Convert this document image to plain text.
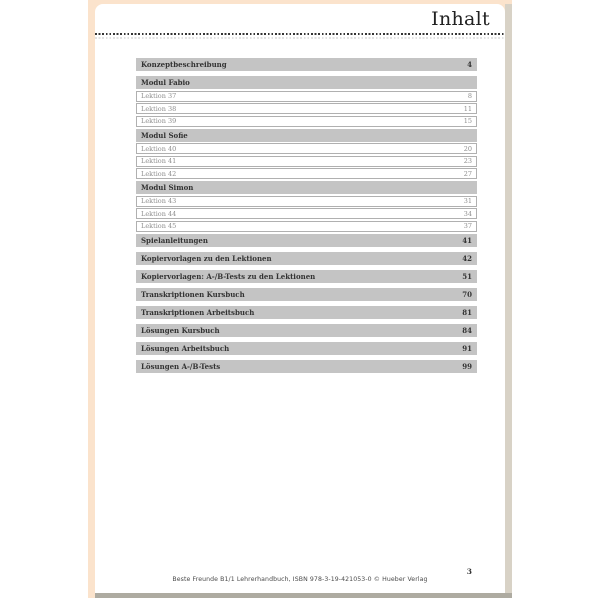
Inhalt
Konzeptbeschreibung	4
Modul Fabio
Lektion 37	8
Lektion 38	11
Lektion 39	15
Modul Sofie
Lektion 40	20
Lektion 41	23
Lektion 42	27
Modul Simon
Lektion 43	31
Lektion 44	34
Lektion 45	37
Spielanleitungen	41
Kopiervorlagen zu den Lektionen	42
Kopiervorlagen: A-/B-Tests zu den Lektionen	51
Transkriptionen Kursbuch	70
Transkriptionen Arbeitsbuch	81
Lösungen Kursbuch	84
Lösungen Arbeitsbuch	91
Lösungen A-/B-Tests	99
3
Beste Freunde B1/1 Lehrerhandbuch, ISBN 978-3-19-421053-0 © Hueber Verlag
